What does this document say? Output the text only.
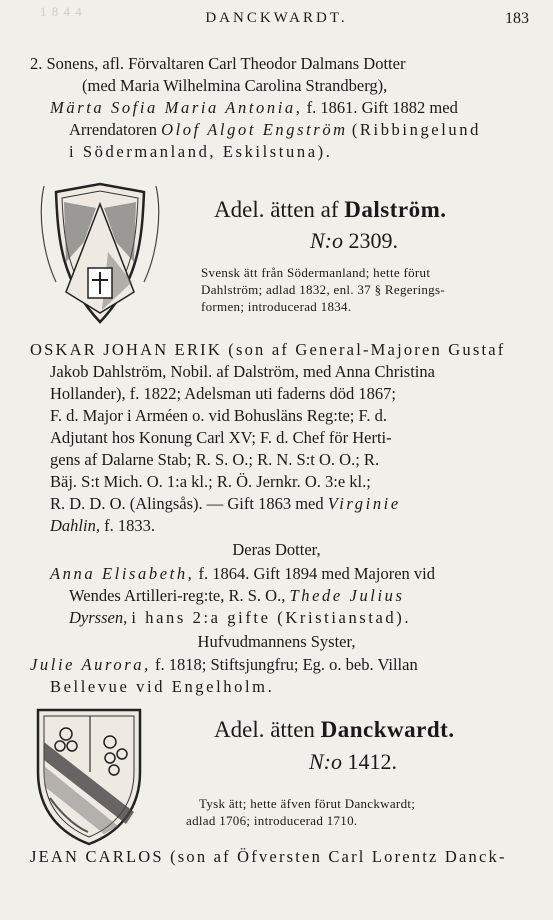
1 8 4 4	DANCKWARDT.	183
2. Sonens, afl. Förvaltaren Carl Theodor Dalmans Dotter
(med Maria Wilhelmina Carolina Strandberg),
Märta Sofia Maria Antonia, f. 1861. Gift 1882 med
Arrendatoren Olof Algot Engström (Ribbingelund
i Södermanland, Eskilstuna).
Adel. ätten af Dalström.
N:o 2309.
Svensk ätt från Södermanland; hette förut
Dahlström; adlad 1832, enl. 37 § Regerings-
formen; introducerad 1834.
OSKAR JOHAN ERIK (son af General-Majoren Gustaf
Jakob Dahlström, Nobil. af Dalström, med Anna Christina
Hollander), f. 1822; Adelsman uti faderns död 1867;
F. d. Major i Arméen o. vid Bohusläns Reg:te; F. d.
Adjutant hos Konung Carl XV; F. d. Chef för Herti-
gens af Dalarne Stab; R. S. O.; R. N. S:t O. O.; R.
Bäj. S:t Mich. O. 1:a kl.; R. Ö. Jernkr. O. 3:e kl.;
R. D. D. O. (Alingsås). — Gift 1863 med Virginie
Dahlin, f. 1833.
Deras Dotter,
Anna Elisabeth, f. 1864. Gift 1894 med Majoren vid
Wendes Artilleri-reg:te, R. S. O., Thede Julius
Dyrssen, i hans 2:a gifte (Kristianstad).
Hufvudmannens Syster,
Julie Aurora, f. 1818; Stiftsjungfru; Eg. o. beb. Villan
Bellevue vid Engelholm.
Adel. ätten Danckwardt.
N:o 1412.
Tysk ätt; hette äfven förut Danckwardt;
adlad 1706; introducerad 1710.
JEAN CARLOS (son af Öfversten Carl Lorentz Danck-
